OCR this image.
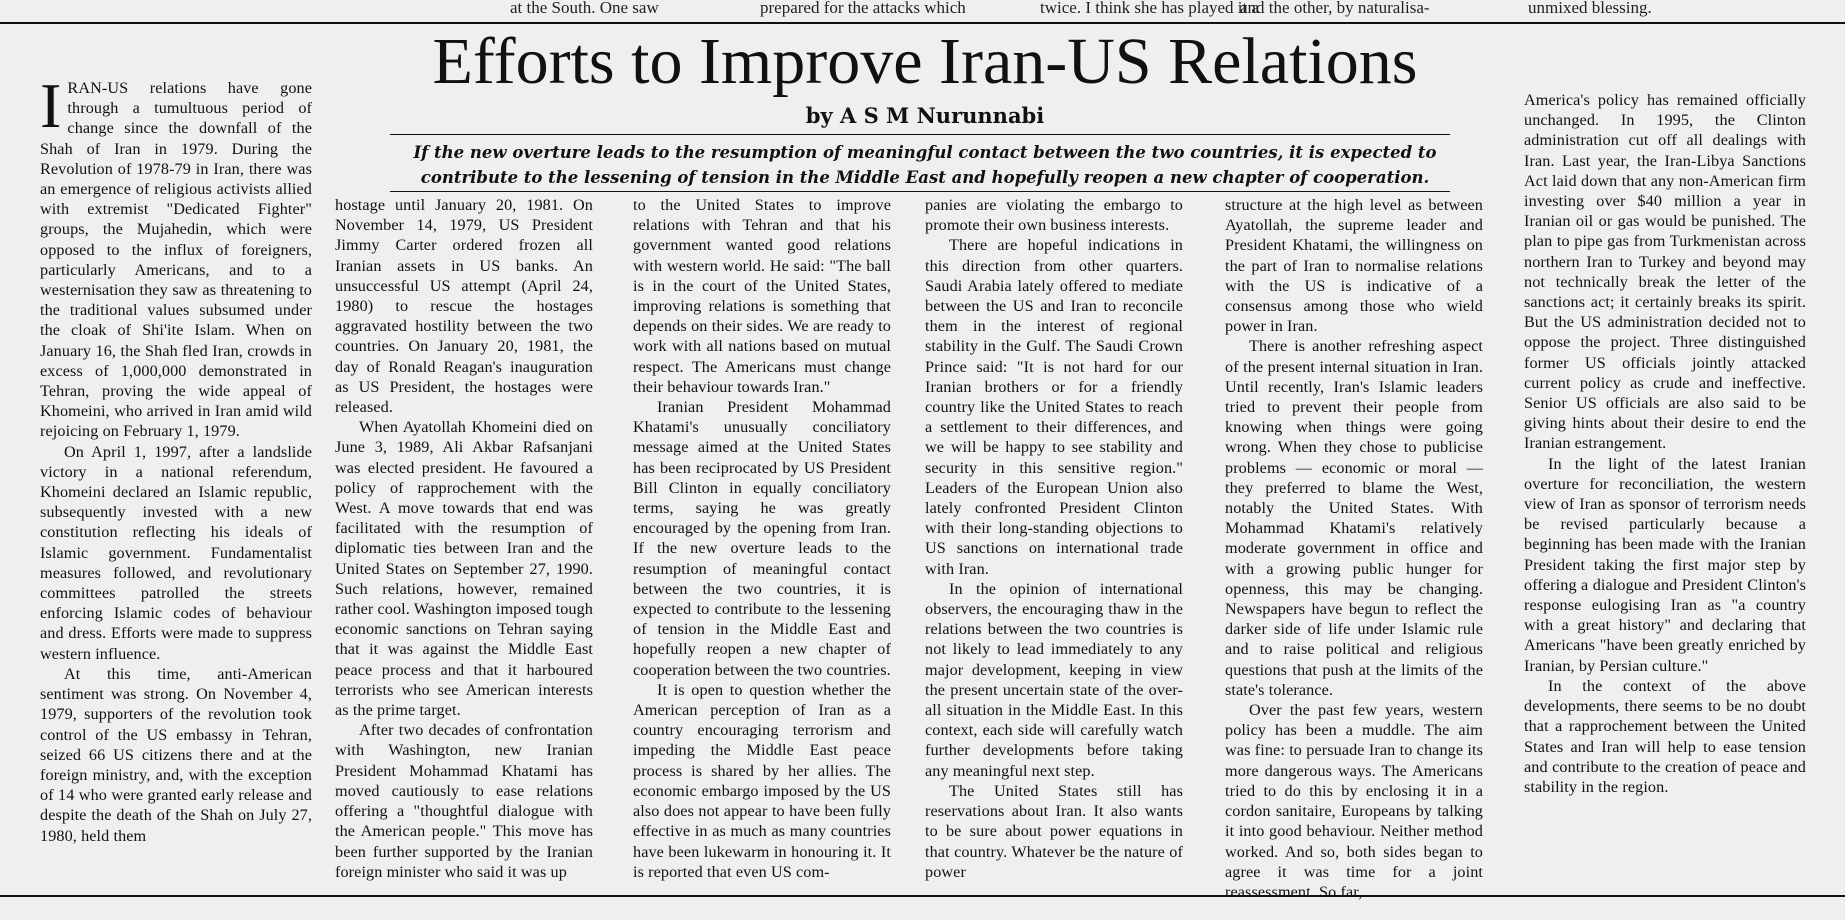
at the South. One saw	prepared for the attacks which	twice. I think she has played it a
and the other, by naturalisa-	unmixed blessing.
Efforts to Improve Iran-US Relations
by A S M Nurunnabi
If the new overture leads to the resumption of meaningful contact between the two countries, it is expected to contribute to the lessening of tension in the Middle East and hopefully reopen a new chapter of cooperation.
I RAN-US relations have gone through a tumultuous period of change since the downfall of the Shah of Iran in 1979. During the Revolution of 1978-79 in Iran, there was an emergence of religious activists allied with extremist "Dedicated Fighter" groups, the Mujahedin, which were opposed to the influx of foreigners, particularly Americans, and to a westernisation they saw as threatening to the traditional values subsumed under the cloak of Shi'ite Islam. When on January 16, the Shah fled Iran, crowds in excess of 1,000,000 demonstrated in Tehran, proving the wide appeal of Khomeini, who arrived in Iran amid wild rejoicing on February 1, 1979.

On April 1, 1997, after a landslide victory in a national referendum, Khomeini declared an Islamic republic, subsequently invested with a new constitution reflecting his ideals of Islamic government. Fundamentalist measures followed, and revolutionary committees patrolled the streets enforcing Islamic codes of behaviour and dress. Efforts were made to suppress western influence.

At this time, anti-American sentiment was strong. On November 4, 1979, supporters of the revolution took control of the US embassy in Tehran, seized 66 US citizens there and at the foreign ministry, and, with the exception of 14 who were granted early release and despite the death of the Shah on July 27, 1980, held them

hostage until January 20, 1981. On November 14, 1979, US President Jimmy Carter ordered frozen all Iranian assets in US banks. An unsuccessful US attempt (April 24, 1980) to rescue the hostages aggravated hostility between the two countries. On January 20, 1981, the day of Ronald Reagan's inauguration as US President, the hostages were released.

When Ayatollah Khomeini died on June 3, 1989, Ali Akbar Rafsanjani was elected president. He favoured a policy of rapprochement with the West. A move towards that end was facilitated with the resumption of diplomatic ties between Iran and the United States on September 27, 1990. Such relations, however, remained rather cool. Washington imposed tough economic sanctions on Tehran saying that it was against the Middle East peace process and that it harboured terrorists who see American interests as the prime target.

After two decades of confrontation with Washington, new Iranian President Mohammad Khatami has moved cautiously to ease relations offering a "thoughtful dialogue with the American people." This move has been further supported by the Iranian foreign minister who said it was up

to the United States to improve relations with Tehran and that his government wanted good relations with western world. He said: "The ball is in the court of the United States, improving relations is something that depends on their sides. We are ready to work with all nations based on mutual respect. The Americans must change their behaviour towards Iran."

Iranian President Mohammad Khatami's unusually conciliatory message aimed at the United States has been reciprocated by US President Bill Clinton in equally conciliatory terms, saying he was greatly encouraged by the opening from Iran. If the new overture leads to the resumption of meaningful contact between the two countries, it is expected to contribute to the lessening of tension in the Middle East and hopefully reopen a new chapter of cooperation between the two countries.

It is open to question whether the American perception of Iran as a country encouraging terrorism and impeding the Middle East peace process is shared by her allies. The economic embargo imposed by the US also does not appear to have been fully effective in as much as many countries have been lukewarm in honouring it. It is reported that even US com-

panies are violating the embargo to promote their own business interests.

There are hopeful indications in this direction from other quarters. Saudi Arabia lately offered to mediate between the US and Iran to reconcile them in the interest of regional stability in the Gulf. The Saudi Crown Prince said: "It is not hard for our Iranian brothers or for a friendly country like the United States to reach a settlement to their differences, and we will be happy to see stability and security in this sensitive region." Leaders of the European Union also lately confronted President Clinton with their long-standing objections to US sanctions on international trade with Iran.

In the opinion of international observers, the encouraging thaw in the relations between the two countries is not likely to lead immediately to any major development, keeping in view the present uncertain state of the over-all situation in the Middle East. In this context, each side will carefully watch further developments before taking any meaningful next step.

The United States still has reservations about Iran. It also wants to be sure about power equations in that country. Whatever be the nature of power

structure at the high level as between Ayatollah, the supreme leader and President Khatami, the willingness on the part of Iran to normalise relations with the US is indicative of a consensus among those who wield power in Iran.

There is another refreshing aspect of the present internal situation in Iran. Until recently, Iran's Islamic leaders tried to prevent their people from knowing when things were going wrong. When they chose to publicise problems — economic or moral — they preferred to blame the West, notably the United States. With Mohammad Khatami's relatively moderate government in office and with a growing public hunger for openness, this may be changing. Newspapers have begun to reflect the darker side of life under Islamic rule and to raise political and religious questions that push at the limits of the state's tolerance.

Over the past few years, western policy has been a muddle. The aim was fine: to persuade Iran to change its more dangerous ways. The Americans tried to do this by enclosing it in a cordon sanitaire, Europeans by talking it into good behaviour. Neither method worked. And so, both sides began to agree it was time for a joint reassessment. So far,

America's policy has remained officially unchanged. In 1995, the Clinton administration cut off all dealings with Iran. Last year, the Iran-Libya Sanctions Act laid down that any non-American firm investing over $40 million a year in Iranian oil or gas would be punished. The plan to pipe gas from Turkmenistan across northern Iran to Turkey and beyond may not technically break the letter of the sanctions act; it certainly breaks its spirit. But the US administration decided not to oppose the project. Three distinguished former US officials jointly attacked current policy as crude and ineffective. Senior US officials are also said to be giving hints about their desire to end the Iranian estrangement.

In the light of the latest Iranian overture for reconciliation, the western view of Iran as sponsor of terrorism needs be revised particularly because a beginning has been made with the Iranian President taking the first major step by offering a dialogue and President Clinton's response eulogising Iran as "a country with a great history" and declaring that Americans "have been greatly enriched by Iranian, by Persian culture."

In the context of the above developments, there seems to be no doubt that a rapprochement between the United States and Iran will help to ease tension and contribute to the creation of peace and stability in the region.
